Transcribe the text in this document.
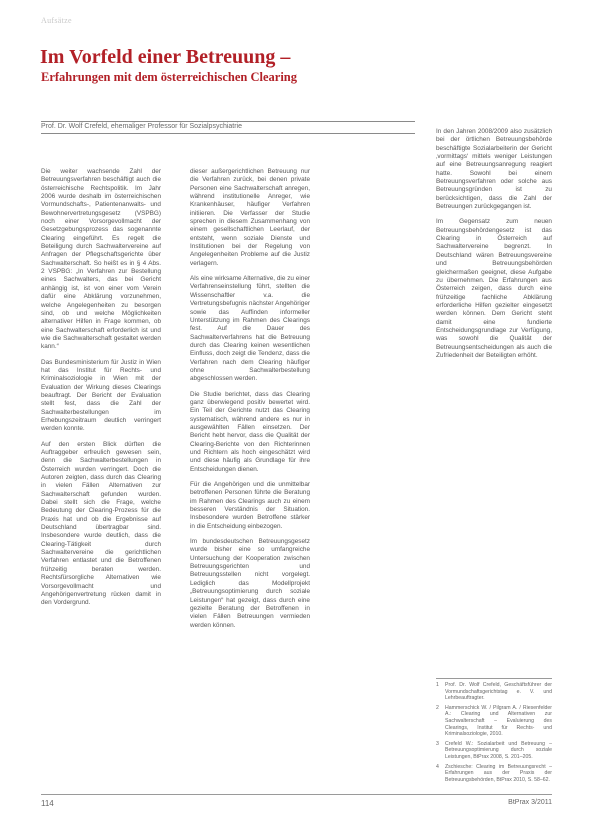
Aufsätze
Im Vorfeld einer Betreuung –
Erfahrungen mit dem österreichischen Clearing
Prof. Dr. Wolf Crefeld, ehemaliger Professor für Sozialpsychiatrie

Die weiter wachsende Zahl der Betreuungsverfahren beschäftigt auch die österreichische Rechtspolitik. Im Jahr 2006 wurde deshalb im österreichischen Vormundschafts-, Patientenanwalts- und Bewohnervertretungsgesetz (VSPBG) noch einer Vorsorgevollmacht der Gesetzgebungsprozess das sogenannte Clearing eingeführt. Es regelt die Beteiligung durch Sachwaltervereine auf Anfragen der Pflegschaftsgerichte über Sachwalterschaft. So heißt es in § 4 Abs. 2 VSPBG: „In Verfahren zur Bestellung eines Sachwalters, das bei Gericht anhängig ist, ist von einer vom Verein dafür eine Abklärung vorzunehmen, welche Angelegenheiten zu besorgen sind, ob und welche Möglichkeiten alternativer Hilfen in Frage kommen, ob eine Sachwalterschaft erforderlich ist und wie die Sachwalterschaft gestaltet werden kann.“

Das Bundesministerium für Justiz in Wien hat das Institut für Rechts- und Kriminalsoziologie in Wien mit der Evaluation der Wirkung dieses Clearings beauftragt. Der Bericht der Evaluation stellt fest, dass die Zahl der Sachwalterbestellungen im Erhebungszeitraum deutlich verringert werden konnte.

Auf den ersten Blick dürften die Auftraggeber erfreulich gewesen sein, denn die Sachwalterbestellungen in Österreich wurden verringert. Doch die Autoren zeigten, dass durch das Clearing in vielen Fällen Alternativen zur Sachwalterschaft gefunden wurden. Dabei stellt sich die Frage, welche Bedeutung der Clearing-Prozess für die Praxis hat und ob die Ergebnisse auf Deutschland übertragbar sind. Insbesondere wurde deutlich, dass die Clearing-Tätigkeit durch Sachwaltervereine die gerichtlichen Verfahren entlastet und die Betroffenen frühzeitig beraten werden. Rechtsfürsorgliche Alternativen wie Vorsorgevollmacht und Angehörigenvertretung rücken damit in den Vordergrund.

dieser außergerichtlichen Betreuung nur die Verfahren zurück, bei denen private Personen eine Sachwalterschaft anregen, während institutionelle Anreger, wie Krankenhäuser, häufiger Verfahren initiieren. Die Verfasser der Studie sprechen in diesem Zusammenhang von einem gesellschaftlichen Leerlauf, der entsteht, wenn soziale Dienste und Institutionen bei der Regelung von Angelegenheiten Probleme auf die Justiz verlagern.

Als eine wirksame Alternative, die zu einer Verfahrenseinstellung führt, stellten die Wissenschaftler v.a. die Vertretungsbefugnis nächster Angehöriger sowie das Auffinden informeller Unterstützung im Rahmen des Clearings fest. Auf die Dauer des Sachwalterverfahrens hat die Betreuung durch das Clearing keinen wesentlichen Einfluss, doch zeigt die Tendenz, dass die Verfahren nach dem Clearing häufiger ohne Sachwalterbestellung abgeschlossen werden.

Die Studie berichtet, dass das Clearing ganz überwiegend positiv bewertet wird. Ein Teil der Gerichte nutzt das Clearing systematisch, während andere es nur in ausgewählten Fällen einsetzen. Der Bericht hebt hervor, dass die Qualität der Clearing-Berichte von den Richterinnen und Richtern als hoch eingeschätzt wird und diese häufig als Grundlage für ihre Entscheidungen dienen.

Für die Angehörigen und die unmittelbar betroffenen Personen führte die Beratung im Rahmen des Clearings auch zu einem besseren Verständnis der Situation. Insbesondere wurden Betroffene stärker in die Entscheidung einbezogen.

Im bundesdeutschen Betreuungsgesetz wurde bisher eine so umfangreiche Untersuchung der Kooperation zwischen Betreuungsgerichten und Betreuungsstellen nicht vorgelegt. Lediglich das Modellprojekt „Betreuungsoptimierung durch soziale Leistungen“ hat gezeigt, dass durch eine gezielte Beratung der Betroffenen in vielen Fällen Betreuungen vermieden werden können.

In den Jahren 2008/2009 also zusätzlich bei der örtlichen Betreuungsbehörde beschäftigte Sozialarbeiterin der Gericht ‚vormittags‘ mittels weniger Leistungen auf eine Betreuungsanregung reagiert hatte. Sowohl bei einem Betreuungsverfahren oder solche aus Betreuungsgründen ist zu berücksichtigen, dass die Zahl der Betreuungen zurückgegangen ist.

Im Gegensatz zum neuen Betreuungsbehördengesetz ist das Clearing in Österreich auf Sachwaltervereine begrenzt. In Deutschland wären Betreuungsvereine und Betreuungsbehörden gleichermaßen geeignet, diese Aufgabe zu übernehmen. Die Erfahrungen aus Österreich zeigen, dass durch eine frühzeitige fachliche Abklärung erforderliche Hilfen gezielter eingesetzt werden können. Dem Gericht steht damit eine fundierte Entscheidungsgrundlage zur Verfügung, was sowohl die Qualität der Betreuungsentscheidungen als auch die Zufriedenheit der Beteiligten erhöht.

1	Prof. Dr. Wolf Crefeld, Geschäftsführer der Vormundschaftsgerichtstag e. V. und Lehrbeauftragter.
2	Hammerschick W. / Pilgram A. / Riesenfelder A.: Clearing und Alternativen zur Sachwalterschaft – Evaluierung des Clearings, Institut für Rechts- und Kriminalsoziologie, 2010.
3	Crefeld W.: Sozialarbeit und Betreuung – Betreuungsoptimierung durch soziale Leistungen, BtPrax 2008, S. 201–205.
4	Zschiesche: Clearing im Betreuungsrecht – Erfahrungen aus der Praxis der Betreuungsbehörden, BtPrax 2010, S. 58–62.
114	BtPrax 3/2011
